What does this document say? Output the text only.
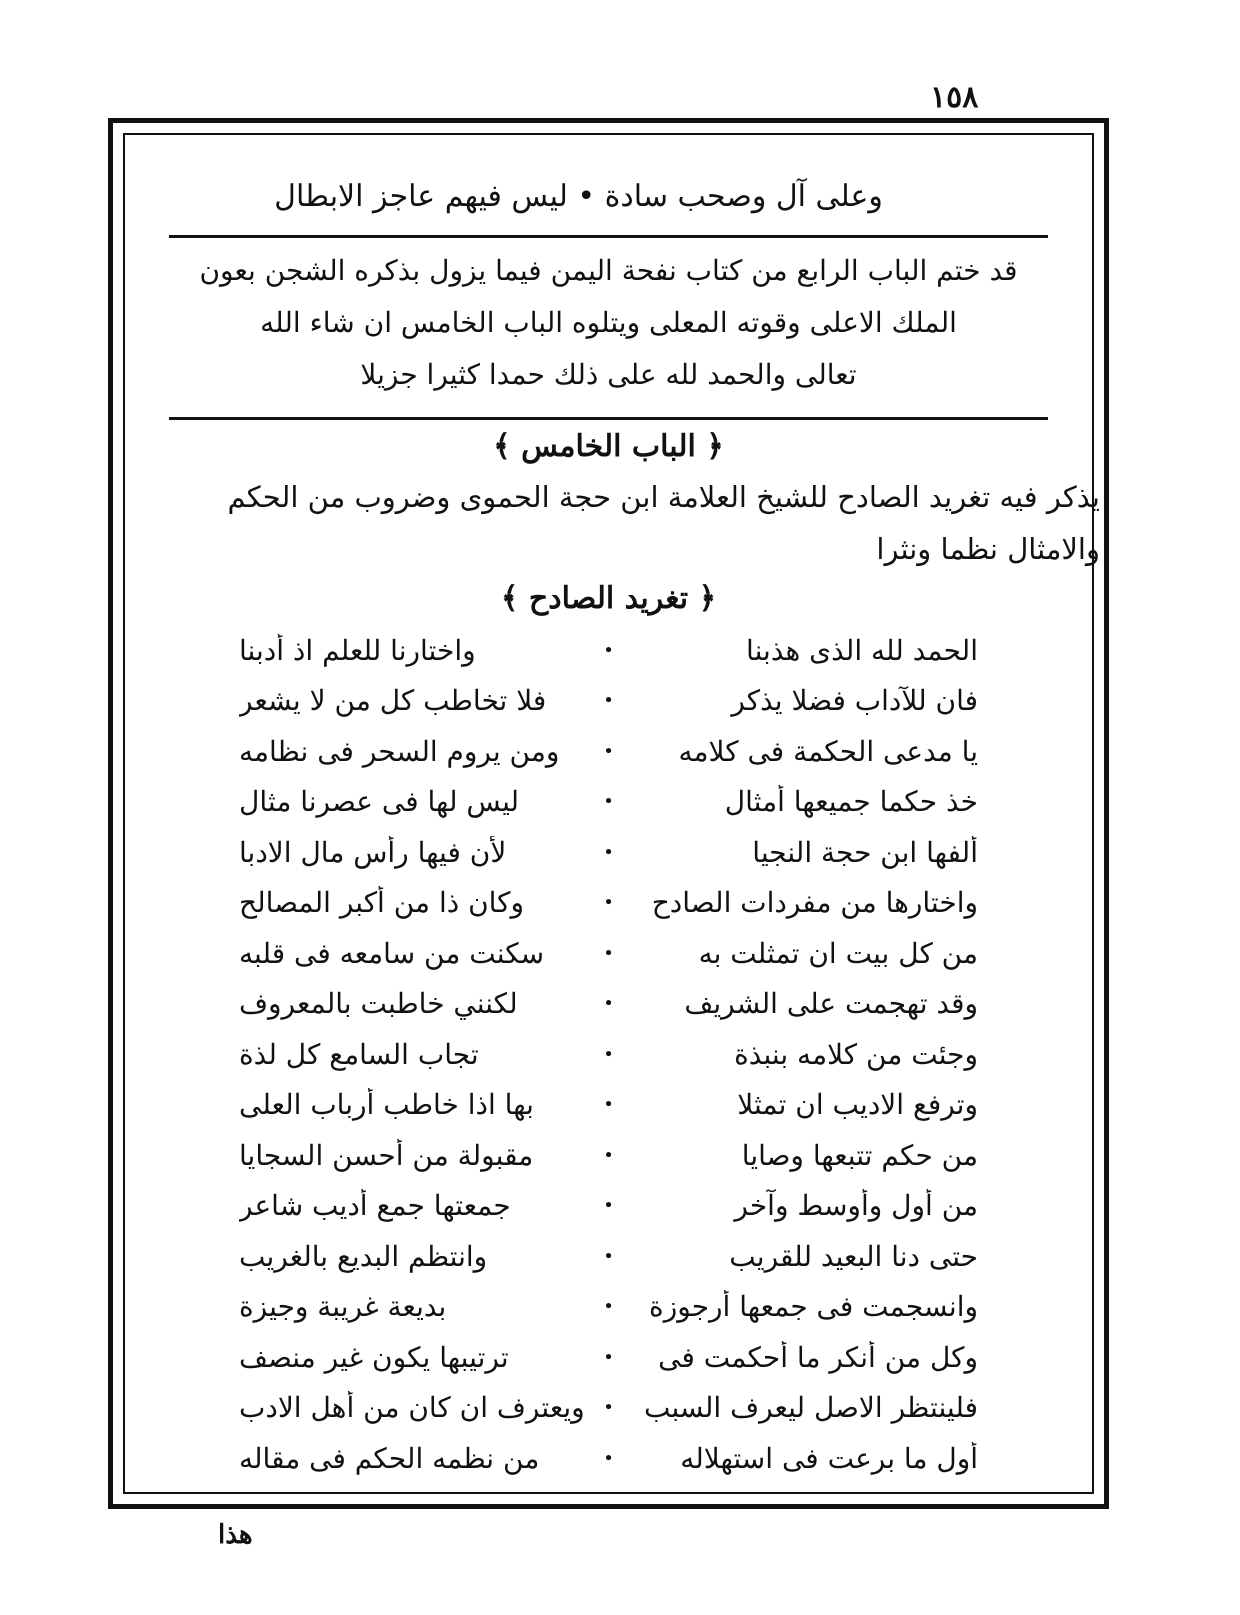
١٥٨
وعلى آل وصحب سادة • ليس فيهم عاجز الابطال

قد ختم الباب الرابع من كتاب نفحة اليمن فيما يزول بذكره الشجن بعون

الملك الاعلى وقوته المعلى ويتلوه الباب الخامس ان شاء الله

تعالى والحمد لله على ذلك حمدا كثيرا جزيلا

﴿ الباب الخامس ﴾

يذكر فيه تغريد الصادح للشيخ العلامة ابن حجة الحموى وضروب من الحكم

والامثال نظما ونثرا

﴿ تغريد الصادح ﴾
الحمد لله الذى هذبنا
•
واختارنا للعلم اذ أدبنا
فان للآداب فضلا يذكر
•
فلا تخاطب كل من لا يشعر
يا مدعى الحكمة فى كلامه
•
ومن يروم السحر فى نظامه
خذ حكما جميعها أمثال
•
ليس لها فى عصرنا مثال
ألفها ابن حجة النجيا
•
لأن فيها رأس مال الادبا
واختارها من مفردات الصادح
•
وكان ذا من أكبر المصالح
من كل بيت ان تمثلت به
•
سكنت من سامعه فى قلبه
وقد تهجمت على الشريف
•
لكنني خاطبت بالمعروف
وجئت من كلامه بنبذة
•
تجاب السامع كل لذة
وترفع الاديب ان تمثلا
•
بها اذا خاطب أرباب العلى
من حكم تتبعها وصايا
•
مقبولة من أحسن السجايا
من أول وأوسط وآخر
•
جمعتها جمع أديب شاعر
حتى دنا البعيد للقريب
•
وانتظم البديع بالغريب
وانسجمت فى جمعها أرجوزة
•
بديعة غريبة وجيزة
وكل من أنكر ما أحكمت فى
•
ترتيبها يكون غير منصف
فلينتظر الاصل ليعرف السبب
•
ويعترف ان كان من أهل الادب
أول ما برعت فى استهلاله
•
من نظمه الحكم فى مقاله
هذا
